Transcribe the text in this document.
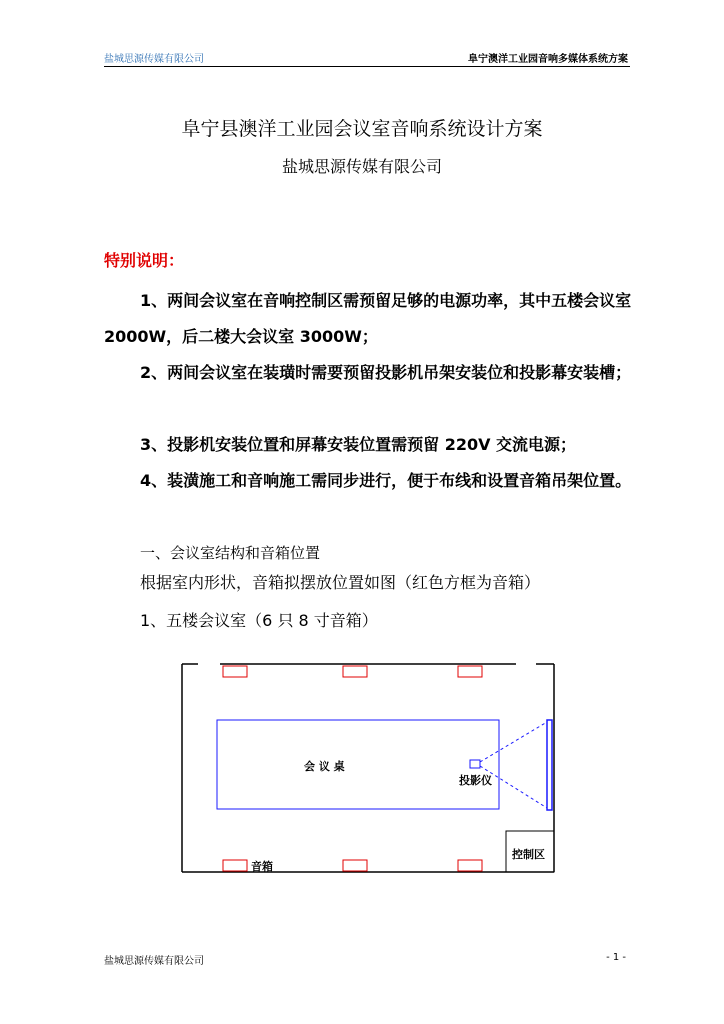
盐城思源传媒有限公司	阜宁澳洋工业园音响多媒体系统方案
阜宁县澳洋工业园会议室音响系统设计方案
盐城思源传媒有限公司
特别说明：
1、两间会议室在音响控制区需预留足够的电源功率，其中五楼会议室 2000W，后二楼大会议室 3000W；
2、两间会议室在装璜时需要预留投影机吊架安装位和投影幕安装槽；
3、投影机安装位置和屏幕安装位置需预留 220V 交流电源；
4、装潢施工和音响施工需同步进行，便于布线和设置音箱吊架位置。
一、会议室结构和音箱位置
根据室内形状，音箱拟摆放位置如图（红色方框为音箱）
1、五楼会议室（6 只 8 寸音箱）
会 议 桌
投影仪
控制区
音箱
盐城思源传媒有限公司	- 1 -
